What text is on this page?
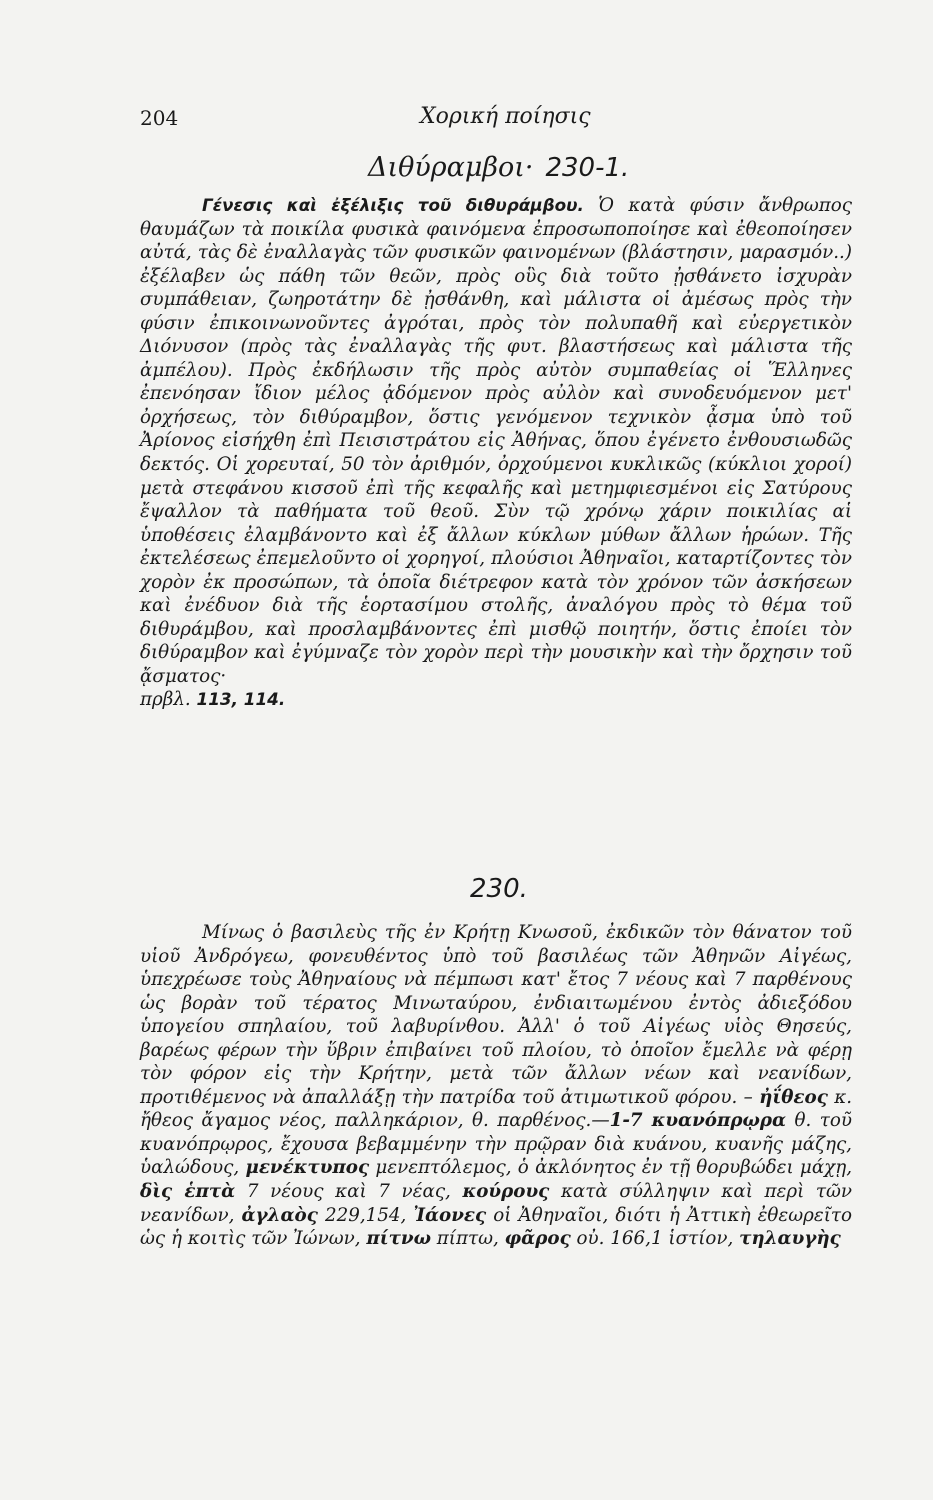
204	Χορική ποίησις
Διθύραμβοι· 230-1.

Γένεσις καὶ ἐξέλιξις τοῦ διθυράμβου. Ὁ κατὰ φύσιν ἄνθρωπος θαυμάζων τὰ ποικίλα φυσικὰ φαινόμενα ἐπροσωποποίησε καὶ ἐθεοποίησεν αὐτά, τὰς δὲ ἐναλλαγὰς τῶν φυσικῶν φαινομένων (βλάστησιν, μαρασμόν..) ἐξέλαβεν ὡς πάθη τῶν θεῶν, πρὸς οὓς διὰ τοῦτο ᾐσθάνετο ἰσχυρὰν συμπάθειαν, ζωηροτάτην δὲ ᾐσθάνθη, καὶ μάλιστα οἱ ἀμέσως πρὸς τὴν φύσιν ἐπικοινωνοῦντες ἀγρόται, πρὸς τὸν πολυπαθῆ καὶ εὐεργετικὸν Διόνυσον (πρὸς τὰς ἐναλλαγὰς τῆς φυτ. βλαστήσεως καὶ μάλιστα τῆς ἀμπέλου). Πρὸς ἐκδήλωσιν τῆς πρὸς αὐτὸν συμπαθείας οἱ Ἕλληνες ἐπενόησαν ἴδιον μέλος ᾀδόμενον πρὸς αὐλὸν καὶ συνοδευόμενον μετ' ὀρχήσεως, τὸν διθύραμβον, ὅστις γενόμενον τεχνικὸν ᾆσμα ὑπὸ τοῦ Ἀρίονος εἰσήχθη ἐπὶ Πεισιστράτου εἰς Ἀθήνας, ὅπου ἐγένετο ἐνθουσιωδῶς δεκτός. Οἱ χορευταί, 50 τὸν ἀριθμόν, ὀρχούμενοι κυκλικῶς (κύκλιοι χοροί) μετὰ στεφάνου κισσοῦ ἐπὶ τῆς κεφαλῆς καὶ μετημφιεσμένοι εἰς Σατύρους ἔψαλλον τὰ παθήματα τοῦ θεοῦ. Σὺν τῷ χρόνῳ χάριν ποικιλίας αἱ ὑποθέσεις ἐλαμβάνοντο καὶ ἐξ ἄλλων κύκλων μύθων ἄλλων ἡρώων. Τῆς ἐκτελέσεως ἐπεμελοῦντο οἱ χορηγοί, πλούσιοι Ἀθηναῖοι, καταρτίζοντες τὸν χορὸν ἐκ προσώπων, τὰ ὁποῖα διέτρεφον κατὰ τὸν χρόνον τῶν ἀσκήσεων καὶ ἐνέδυον διὰ τῆς ἑορτασίμου στολῆς, ἀναλόγου πρὸς τὸ θέμα τοῦ διθυράμβου, καὶ προσλαμβάνοντες ἐπὶ μισθῷ ποιητήν, ὅστις ἐποίει τὸν διθύραμβον καὶ ἐγύμναζε τὸν χορὸν περὶ τὴν μουσικὴν καὶ τὴν ὄρχησιν τοῦ ᾄσματος·
πρβλ. 113, 114.

230.

Μίνως ὁ βασιλεὺς τῆς ἐν Κρήτῃ Κνωσοῦ, ἐκδικῶν τὸν θάνατον τοῦ υἱοῦ Ἀνδρόγεω, φονευθέντος ὑπὸ τοῦ βασιλέως τῶν Ἀθηνῶν Αἰγέως, ὑπεχρέωσε τοὺς Ἀθηναίους νὰ πέμπωσι κατ' ἔτος 7 νέους καὶ 7 παρθένους ὡς βορὰν τοῦ τέρατος Μινωταύρου, ἐνδιαιτωμένου ἐντὸς ἀδιεξόδου ὑπογείου σπηλαίου, τοῦ λαβυρίνθου. Ἀλλ' ὁ τοῦ Αἰγέως υἱὸς Θησεύς, βαρέως φέρων τὴν ὕβριν ἐπιβαίνει τοῦ πλοίου, τὸ ὁποῖον ἔμελλε νὰ φέρῃ τὸν φόρον εἰς τὴν Κρήτην, μετὰ τῶν ἄλλων νέων καὶ νεανίδων, προτιθέμενος νὰ ἀπαλλάξῃ τὴν πατρίδα τοῦ ἀτιμωτικοῦ φόρου. – ἠΐθεος κ. ἤθεος ἄγαμος νέος, παλληκάριον, θ. παρθένος.—1-7 κυανόπρῳρα θ. τοῦ κυανόπρῳρος, ἔχουσα βεβαμμένην τὴν πρῷραν διὰ κυάνου, κυανῆς μάζης, ὑαλώδους, μενέκτυπος μενεπτόλεμος, ὁ ἀκλόνητος ἐν τῇ θορυβώδει μάχῃ, δὶς ἑπτὰ 7 νέους καὶ 7 νέας, κούρους κατὰ σύλληψιν καὶ περὶ τῶν νεανίδων, ἀγλαὸς 229,154, Ἰάονες οἱ Ἀθηναῖοι, διότι ἡ Ἀττικὴ ἐθεωρεῖτο ὡς ἡ κοιτὶς τῶν Ἰώνων, πίτνω πίπτω, φᾶρος οὐ. 166,1 ἱστίον, τηλαυγὴς
